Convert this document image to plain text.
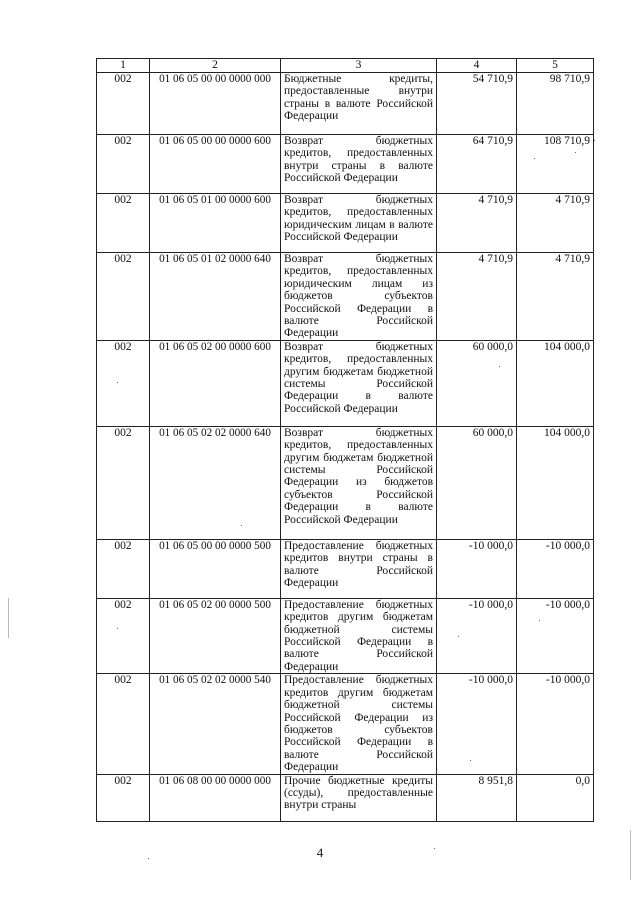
1	2	3	4	5
002	01 06 05 00 00 0000 000	Бюджетные кредиты, предоставленные внутри страны в валюте Российской Федерации	54 710,9	98 710,9
002	01 06 05 00 00 0000 600	Возврат бюджетных кредитов, предоставленных внутри страны в валюте Российской Федерации	64 710,9	108 710,9
002	01 06 05 01 00 0000 600	Возврат бюджетных кредитов, предоставленных юридическим лицам в валюте Российской Федерации	4 710,9	4 710,9
002	01 06 05 01 02 0000 640	Возврат бюджетных кредитов, предоставленных юридическим лицам из бюджетов субъектов Российской Федерации в валюте Российской Федерации	4 710,9	4 710,9
002	01 06 05 02 00 0000 600	Возврат бюджетных кредитов, предоставленных другим бюджетам бюджетной системы Российской Федерации в валюте Российской Федерации	60 000,0	104 000,0
002	01 06 05 02 02 0000 640	Возврат бюджетных кредитов, предоставленных другим бюджетам бюджетной системы Российской Федерации из бюджетов субъектов Российской Федерации в валюте Российской Федерации	60 000,0	104 000,0
002	01 06 05 00 00 0000 500	Предоставление бюджетных кредитов внутри страны в валюте Российской Федерации	-10 000,0	-10 000,0
002	01 06 05 02 00 0000 500	Предоставление бюджетных кредитов другим бюджетам бюджетной системы Российской Федерации в валюте Российской Федерации	-10 000,0	-10 000,0
002	01 06 05 02 02 0000 540	Предоставление бюджетных кредитов другим бюджетам бюджетной системы Российской Федерации из бюджетов субъектов Российской Федерации в валюте Российской Федерации	-10 000,0	-10 000,0
002	01 06 08 00 00 0000 000	Прочие бюджетные кредиты (ссуды), предоставленные внутри страны	8 951,8	0,0
4
